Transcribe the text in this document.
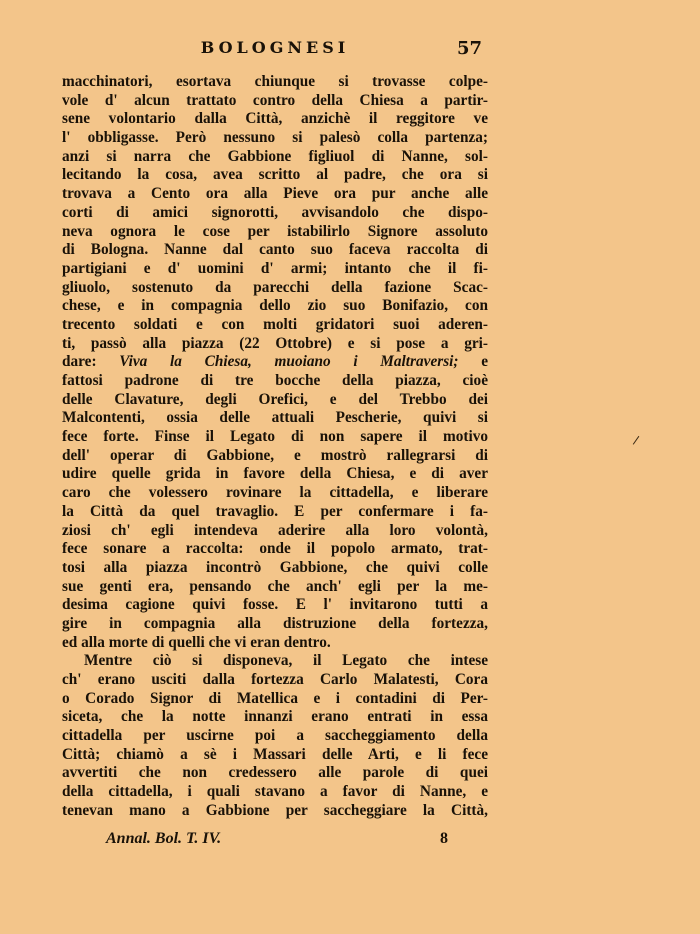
BOLOGNESI	57
macchinatori, esortava chiunque si trovasse colpe-
vole d' alcun trattato contro della Chiesa a partir-
sene volontario dalla Città, anzichè il reggitore ve
l' obbligasse. Però nessuno si palesò colla partenza;
anzi si narra che Gabbione figliuol di Nanne, sol-
lecitando la cosa, avea scritto al padre, che ora si
trovava a Cento ora alla Pieve ora pur anche alle
corti di amici signorotti, avvisandolo che dispo-
neva ognora le cose per istabilirlo Signore assoluto
di Bologna. Nanne dal canto suo faceva raccolta di
partigiani e d' uomini d' armi; intanto che il fi-
gliuolo, sostenuto da parecchi della fazione Scac-
chese, e in compagnia dello zio suo Bonifazio, con
trecento soldati e con molti gridatori suoi aderen-
ti, passò alla piazza (22 Ottobre) e si pose a gri-
dare: Viva la Chiesa, muoiano i Maltraversi; e
fattosi padrone di tre bocche della piazza, cioè
delle Clavature, degli Orefici, e del Trebbo dei
Malcontenti, ossia delle attuali Pescherie, quivi si
fece forte. Finse il Legato di non sapere il motivo
dell' operar di Gabbione, e mostrò rallegrarsi di
udire quelle grida in favore della Chiesa, e di aver
caro che volessero rovinare la cittadella, e liberare
la Città da quel travaglio. E per confermare i fa-
ziosi ch' egli intendeva aderire alla loro volontà,
fece sonare a raccolta: onde il popolo armato, trat-
tosi alla piazza incontrò Gabbione, che quivi colle
sue genti era, pensando che anch' egli per la me-
desima cagione quivi fosse. E l' invitarono tutti a
gire in compagnia alla distruzione della fortezza,
ed alla morte di quelli che vi eran dentro.
Mentre ciò si disponeva, il Legato che intese
ch' erano usciti dalla fortezza Carlo Malatesti, Cora
o Corado Signor di Matellica e i contadini di Per-
siceta, che la notte innanzi erano entrati in essa
cittadella per uscirne poi a saccheggiamento della
Città; chiamò a sè i Massari delle Arti, e li fece
avvertiti che non credessero alle parole di quei
della cittadella, i quali stavano a favor di Nanne, e
tenevan mano a Gabbione per saccheggiare la Città,
Annal. Bol. T. IV.	8
